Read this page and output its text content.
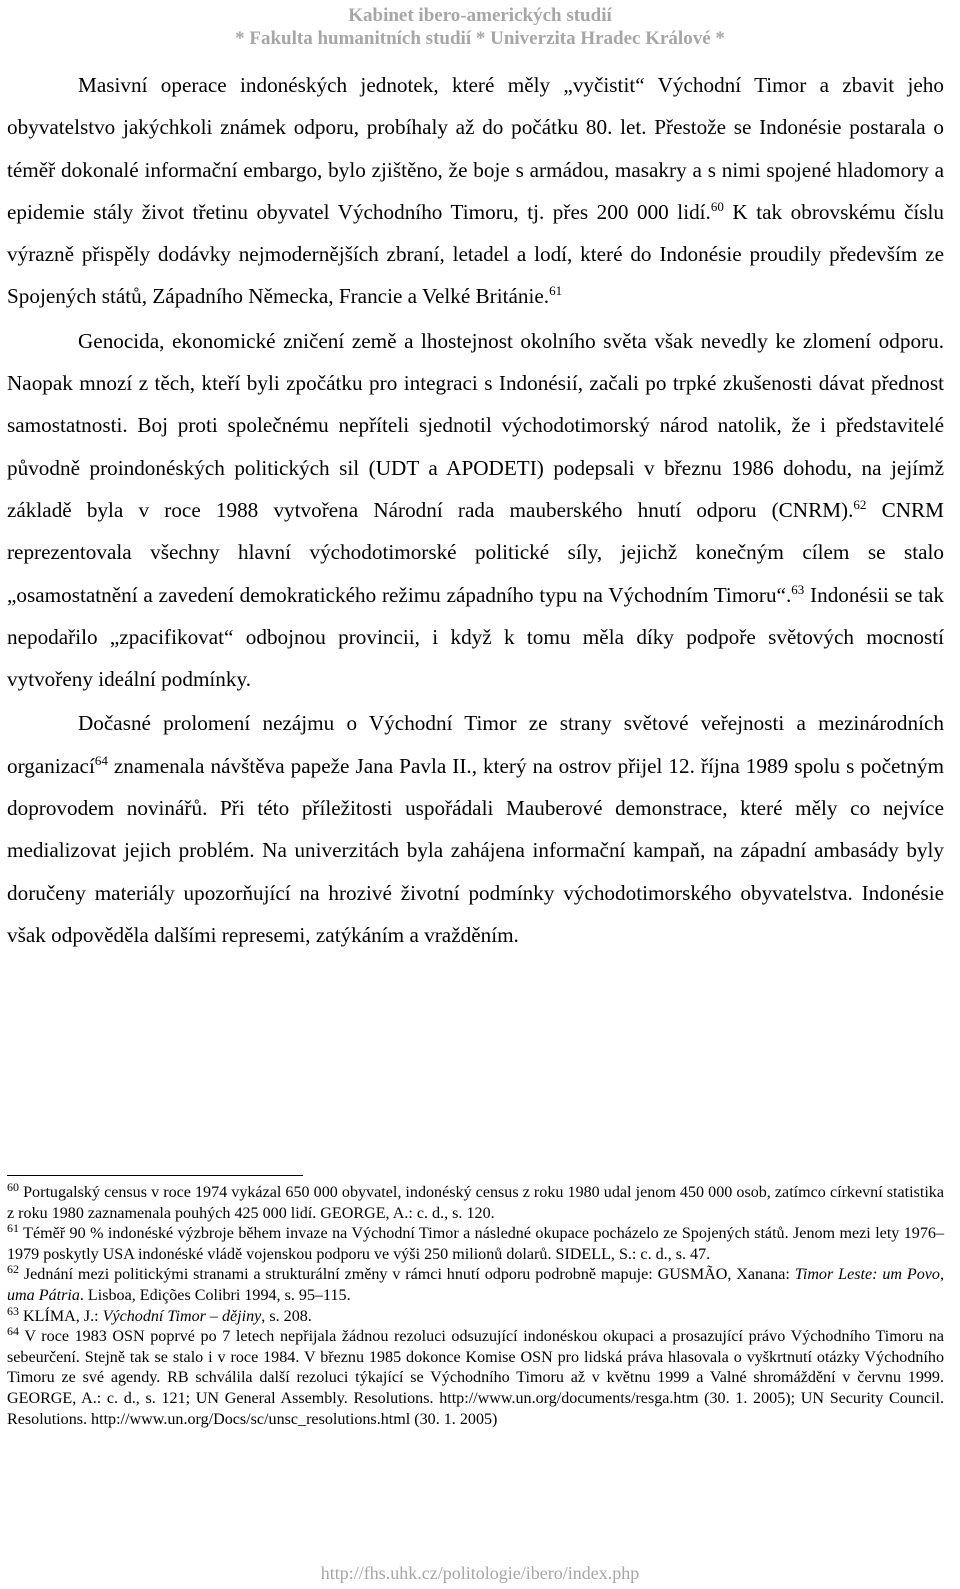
Kabinet ibero-amerických studií
* Fakulta humanitních studií * Univerzita Hradec Králové *

Masivní operace indonéských jednotek, které měly „vyčistit“ Východní Timor a zbavit jeho obyvatelstvo jakýchkoli známek odporu, probíhaly až do počátku 80. let. Přestože se Indonésie postarala o téměř dokonalé informační embargo, bylo zjištěno, že boje s armádou, masakry a s nimi spojené hladomory a epidemie stály život třetinu obyvatel Východního Timoru, tj. přes 200 000 lidí.$^{60}$ K tak obrovskému číslu výrazně přispěly dodávky nejmodernějších zbraní, letadel a lodí, které do Indonésie proudily především ze Spojených států, Západního Německa, Francie a Velké Británie.$^{61}$

Genocida, ekonomické zničení země a lhostejnost okolního světa však nevedly ke zlomení odporu. Naopak mnozí z těch, kteří byli zpočátku pro integraci s Indonésií, začali po trpké zkušenosti dávat přednost samostatnosti. Boj proti společnému nepříteli sjednotil východotimorský národ natolik, že i představitelé původně proindonéských politických sil (UDT a APODETI) podepsali v březnu 1986 dohodu, na jejímž základě byla v roce 1988 vytvořena Národní rada mauberského hnutí odporu (CNRM).$^{62}$ CNRM reprezentovala všechny hlavní východotimorské politické síly, jejichž konečným cílem se stalo „osamostatnění a zavedení demokratického režimu západního typu na Východním Timoru“.$^{63}$ Indonésii se tak nepodařilo „zpacifikovat“ odbojnou provincii, i když k tomu měla díky podpoře světových mocností vytvořeny ideální podmínky.

Dočasné prolomení nezájmu o Východní Timor ze strany světové veřejnosti a mezinárodních organizací$^{64}$ znamenala návštěva papeže Jana Pavla II., který na ostrov přijel 12. října 1989 spolu s početným doprovodem novinářů. Při této příležitosti uspořádali Mauberové demonstrace, které měly co nejvíce medializovat jejich problém. Na univerzitách byla zahájena informační kampaň, na západní ambasády byly doručeny materiály upozorňující na hrozivé životní podmínky východotimorského obyvatelstva. Indonésie však odpověděla dalšími represemi, zatýkáním a vražděním.

$^{60}$ Portugalský census v roce 1974 vykázal 650 000 obyvatel, indonéský census z roku 1980 udal jenom 450 000 osob, zatímco církevní statistika z roku 1980 zaznamenala pouhých 425 000 lidí. GEORGE, A.: c. d., s. 120.

$^{61}$ Téměř 90 % indonéské výzbroje během invaze na Východní Timor a následné okupace pocházelo ze Spojených států. Jenom mezi lety 1976–1979 poskytly USA indonéské vládě vojenskou podporu ve výši 250 milionů dolarů. SIDELL, S.: c. d., s. 47.

$^{62}$ Jednání mezi politickými stranami a strukturální změny v rámci hnutí odporu podrobně mapuje: GUSMÃO, Xanana: Timor Leste: um Povo, uma Pátria. Lisboa, Edições Colibri 1994, s. 95–115.

$^{63}$ KLÍMA, J.: Východní Timor – dějiny, s. 208.

$^{64}$ V roce 1983 OSN poprvé po 7 letech nepřijala žádnou rezoluci odsuzující indonéskou okupaci a prosazující právo Východního Timoru na sebeurčení. Stejně tak se stalo i v roce 1984. V březnu 1985 dokonce Komise OSN pro lidská práva hlasovala o vyškrtnutí otázky Východního Timoru ze své agendy. RB schválila další rezoluci týkající se Východního Timoru až v květnu 1999 a Valné shromáždění v červnu 1999. GEORGE, A.: c. d., s. 121; UN General Assembly. Resolutions. http://www.un.org/documents/resga.htm (30. 1. 2005); UN Security Council. Resolutions. http://www.un.org/Docs/sc/unsc_resolutions.html (30. 1. 2005)

http://fhs.uhk.cz/politologie/ibero/index.php
